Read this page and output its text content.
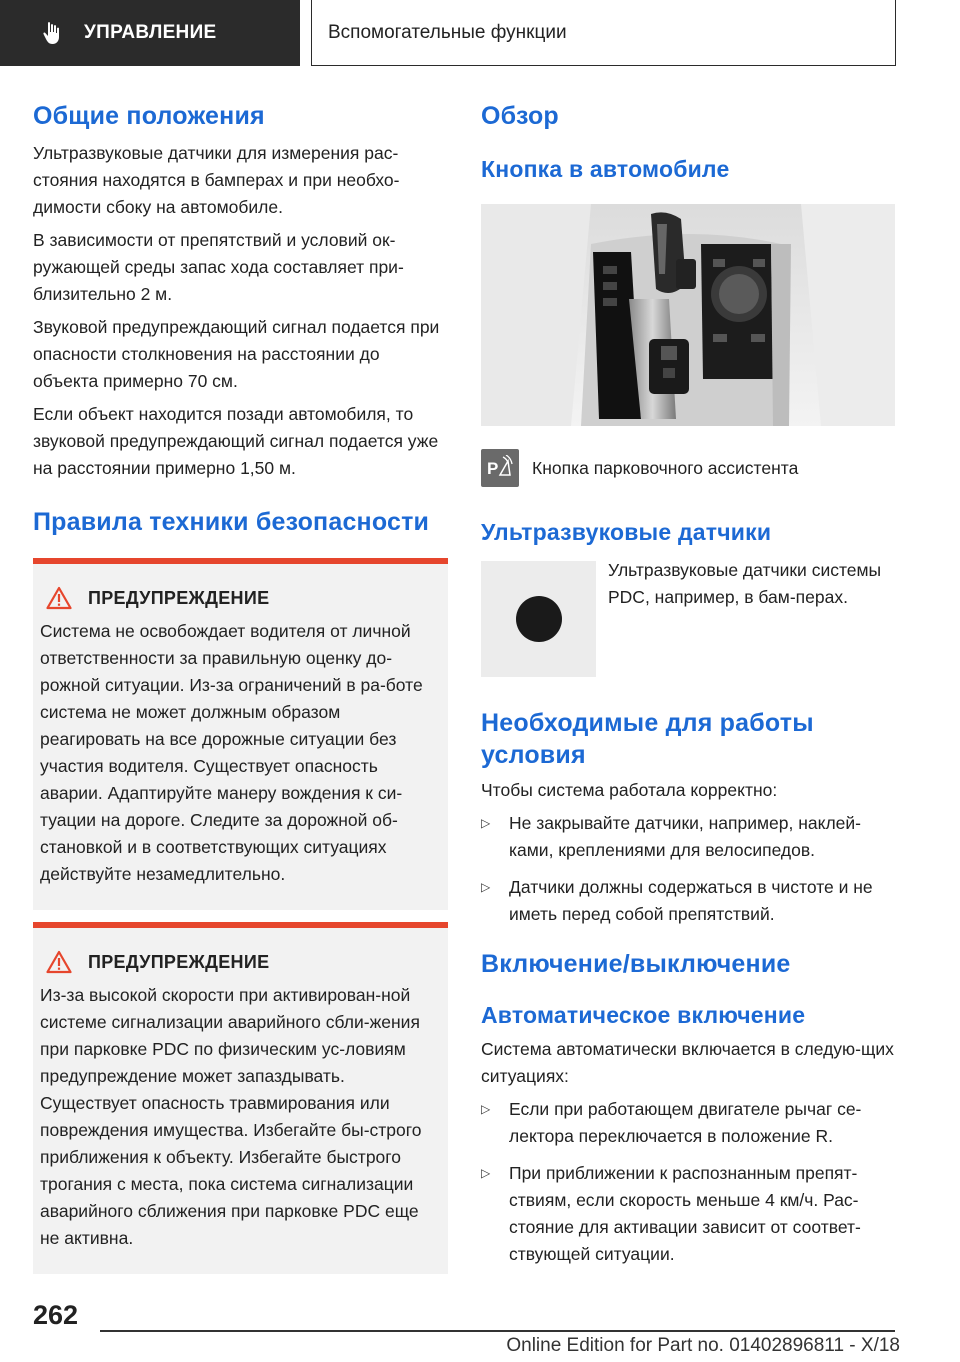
УПРАВЛЕНИЕ	Вспомогательные функции
Общие положения

Ультразвуковые датчики для измерения рас-стояния находятся в бамперах и при необхо-димости сбоку на автомобиле.

В зависимости от препятствий и условий ок-ружающей среды запас хода составляет при-близительно 2 м.

Звуковой предупреждающий сигнал подается при опасности столкновения на расстоянии до объекта примерно 70 см.

Если объект находится позади автомобиля, то звуковой предупреждающий сигнал подается уже на расстоянии примерно 1,50 м.

Правила техники безопасности
ПРЕДУПРЕЖДЕНИЕ

Система не освобождает водителя от личной ответственности за правильную оценку до-рожной ситуации. Из-за ограничений в ра-боте система не может должным образом реагировать на все дорожные ситуации без участия водителя. Существует опасность аварии. Адаптируйте манеру вождения к си-туации на дороге. Следите за дорожной об-становкой и в соответствующих ситуациях действуйте незамедлительно.

ПРЕДУПРЕЖДЕНИЕ

Из-за высокой скорости при активирован-ной системе сигнализации аварийного сбли-жения при парковке PDC по физическим ус-ловиям предупреждение может запаздывать. Существует опасность травмирования или повреждения имущества. Избегайте бы-строго приближения к объекту. Избегайте быстрого трогания с места, пока система сигнализации аварийного сближения при парковке PDC еще не активна.

Обзор
Кнопка в автомобиле
P Кнопка парковочного ассистента
Ультразвуковые датчики

Ультразвуковые датчики системы PDC, например, в бам-перах.

Необходимые для работы условия

Чтобы система работала корректно:

▷ Не закрывайте датчики, например, наклей-ками, креплениями для велосипедов.
▷ Датчики должны содержаться в чистоте и не иметь перед собой препятствий.
Включение/выключение
Автоматическое включение

Система автоматически включается в следую-щих ситуациях:

▷ Если при работающем двигателе рычаг се-лектора переключается в положение R.
▷ При приближении к распознанным препят-ствиям, если скорость меньше 4 км/ч. Рас-стояние для активации зависит от соответ-ствующей ситуации.
262
Online Edition for Part no. 01402896811 - X/18
